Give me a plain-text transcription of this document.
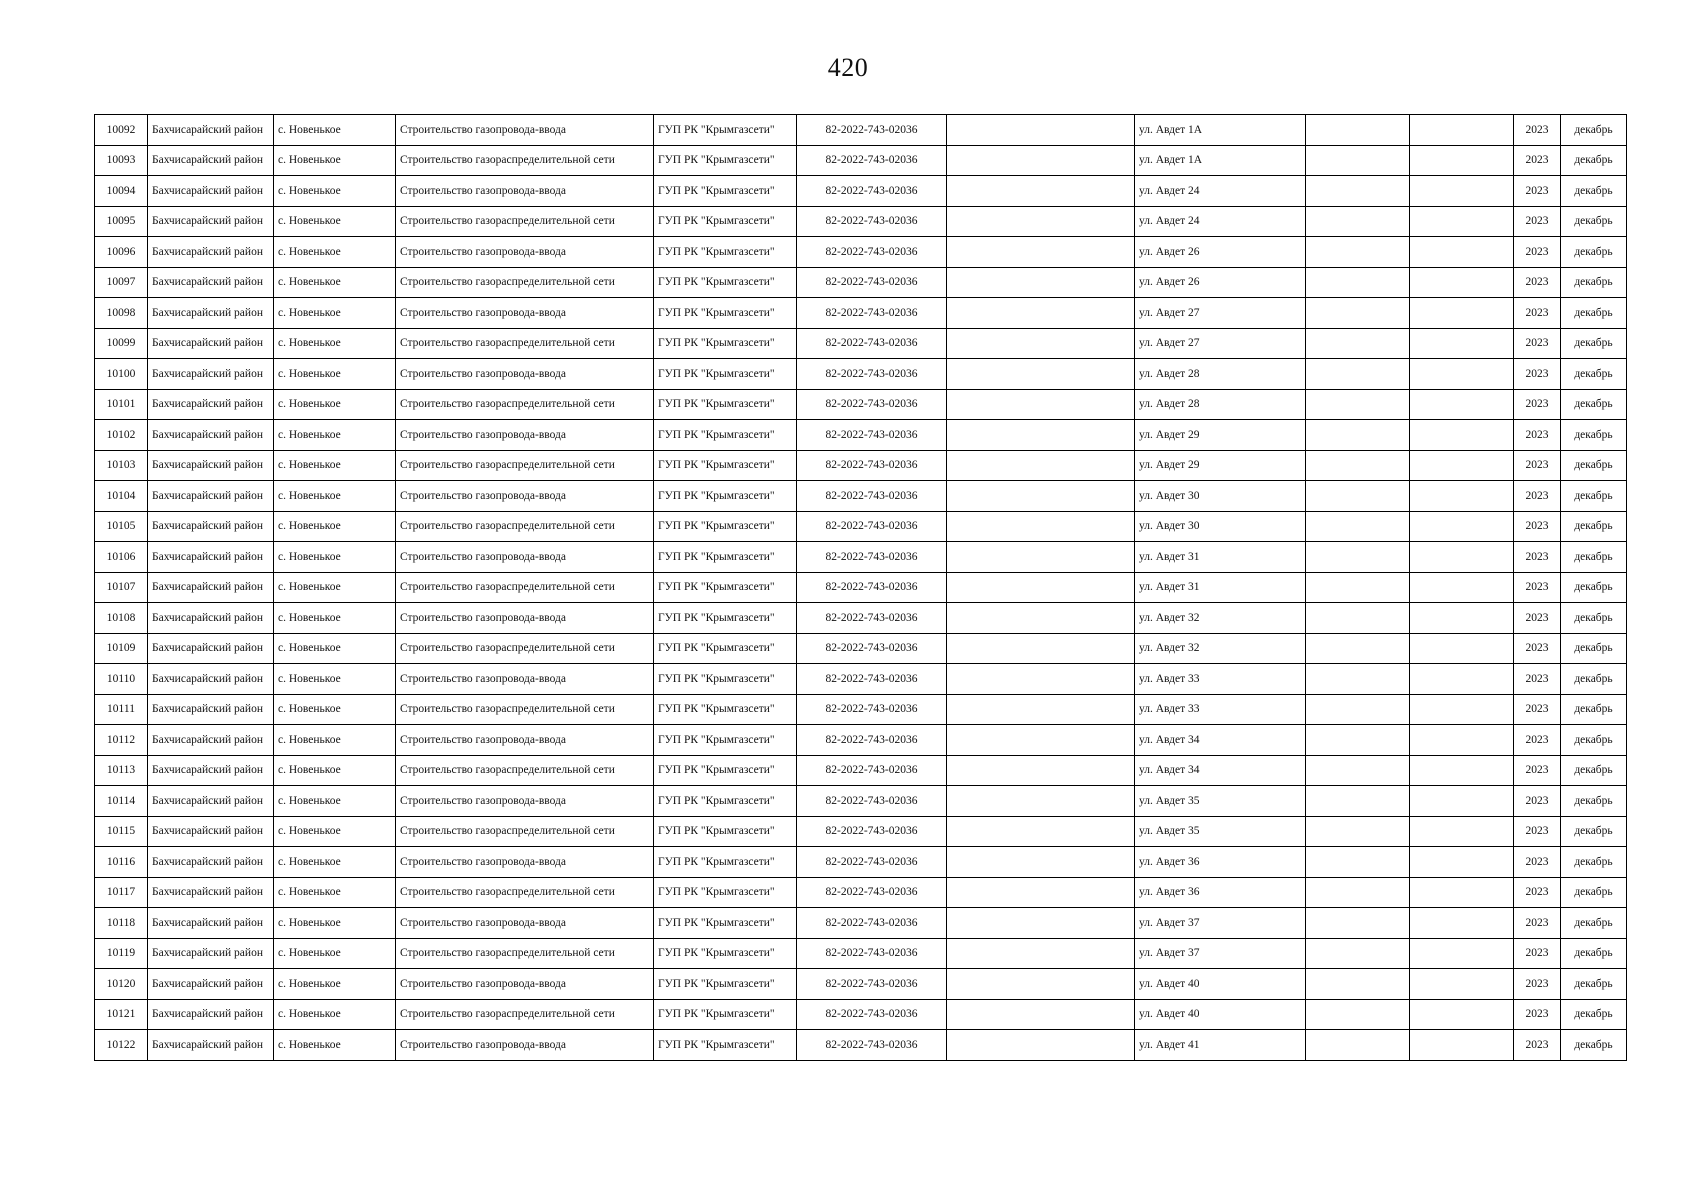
420
10092	Бахчисарайский район	с. Новенькое	Строительство газопровода-ввода	ГУП РК "Крымгазсети"	82-2022-743-02036		ул. Авдет 1А			2023	декабрь
10093	Бахчисарайский район	с. Новенькое	Строительство газораспределительной сети	ГУП РК "Крымгазсети"	82-2022-743-02036		ул. Авдет 1А			2023	декабрь
10094	Бахчисарайский район	с. Новенькое	Строительство газопровода-ввода	ГУП РК "Крымгазсети"	82-2022-743-02036		ул. Авдет 24			2023	декабрь
10095	Бахчисарайский район	с. Новенькое	Строительство газораспределительной сети	ГУП РК "Крымгазсети"	82-2022-743-02036		ул. Авдет 24			2023	декабрь
10096	Бахчисарайский район	с. Новенькое	Строительство газопровода-ввода	ГУП РК "Крымгазсети"	82-2022-743-02036		ул. Авдет 26			2023	декабрь
10097	Бахчисарайский район	с. Новенькое	Строительство газораспределительной сети	ГУП РК "Крымгазсети"	82-2022-743-02036		ул. Авдет 26			2023	декабрь
10098	Бахчисарайский район	с. Новенькое	Строительство газопровода-ввода	ГУП РК "Крымгазсети"	82-2022-743-02036		ул. Авдет 27			2023	декабрь
10099	Бахчисарайский район	с. Новенькое	Строительство газораспределительной сети	ГУП РК "Крымгазсети"	82-2022-743-02036		ул. Авдет 27			2023	декабрь
10100	Бахчисарайский район	с. Новенькое	Строительство газопровода-ввода	ГУП РК "Крымгазсети"	82-2022-743-02036		ул. Авдет 28			2023	декабрь
10101	Бахчисарайский район	с. Новенькое	Строительство газораспределительной сети	ГУП РК "Крымгазсети"	82-2022-743-02036		ул. Авдет 28			2023	декабрь
10102	Бахчисарайский район	с. Новенькое	Строительство газопровода-ввода	ГУП РК "Крымгазсети"	82-2022-743-02036		ул. Авдет 29			2023	декабрь
10103	Бахчисарайский район	с. Новенькое	Строительство газораспределительной сети	ГУП РК "Крымгазсети"	82-2022-743-02036		ул. Авдет 29			2023	декабрь
10104	Бахчисарайский район	с. Новенькое	Строительство газопровода-ввода	ГУП РК "Крымгазсети"	82-2022-743-02036		ул. Авдет 30			2023	декабрь
10105	Бахчисарайский район	с. Новенькое	Строительство газораспределительной сети	ГУП РК "Крымгазсети"	82-2022-743-02036		ул. Авдет 30			2023	декабрь
10106	Бахчисарайский район	с. Новенькое	Строительство газопровода-ввода	ГУП РК "Крымгазсети"	82-2022-743-02036		ул. Авдет 31			2023	декабрь
10107	Бахчисарайский район	с. Новенькое	Строительство газораспределительной сети	ГУП РК "Крымгазсети"	82-2022-743-02036		ул. Авдет 31			2023	декабрь
10108	Бахчисарайский район	с. Новенькое	Строительство газопровода-ввода	ГУП РК "Крымгазсети"	82-2022-743-02036		ул. Авдет 32			2023	декабрь
10109	Бахчисарайский район	с. Новенькое	Строительство газораспределительной сети	ГУП РК "Крымгазсети"	82-2022-743-02036		ул. Авдет 32			2023	декабрь
10110	Бахчисарайский район	с. Новенькое	Строительство газопровода-ввода	ГУП РК "Крымгазсети"	82-2022-743-02036		ул. Авдет 33			2023	декабрь
10111	Бахчисарайский район	с. Новенькое	Строительство газораспределительной сети	ГУП РК "Крымгазсети"	82-2022-743-02036		ул. Авдет 33			2023	декабрь
10112	Бахчисарайский район	с. Новенькое	Строительство газопровода-ввода	ГУП РК "Крымгазсети"	82-2022-743-02036		ул. Авдет 34			2023	декабрь
10113	Бахчисарайский район	с. Новенькое	Строительство газораспределительной сети	ГУП РК "Крымгазсети"	82-2022-743-02036		ул. Авдет 34			2023	декабрь
10114	Бахчисарайский район	с. Новенькое	Строительство газопровода-ввода	ГУП РК "Крымгазсети"	82-2022-743-02036		ул. Авдет 35			2023	декабрь
10115	Бахчисарайский район	с. Новенькое	Строительство газораспределительной сети	ГУП РК "Крымгазсети"	82-2022-743-02036		ул. Авдет 35			2023	декабрь
10116	Бахчисарайский район	с. Новенькое	Строительство газопровода-ввода	ГУП РК "Крымгазсети"	82-2022-743-02036		ул. Авдет 36			2023	декабрь
10117	Бахчисарайский район	с. Новенькое	Строительство газораспределительной сети	ГУП РК "Крымгазсети"	82-2022-743-02036		ул. Авдет 36			2023	декабрь
10118	Бахчисарайский район	с. Новенькое	Строительство газопровода-ввода	ГУП РК "Крымгазсети"	82-2022-743-02036		ул. Авдет 37			2023	декабрь
10119	Бахчисарайский район	с. Новенькое	Строительство газораспределительной сети	ГУП РК "Крымгазсети"	82-2022-743-02036		ул. Авдет 37			2023	декабрь
10120	Бахчисарайский район	с. Новенькое	Строительство газопровода-ввода	ГУП РК "Крымгазсети"	82-2022-743-02036		ул. Авдет 40			2023	декабрь
10121	Бахчисарайский район	с. Новенькое	Строительство газораспределительной сети	ГУП РК "Крымгазсети"	82-2022-743-02036		ул. Авдет 40			2023	декабрь
10122	Бахчисарайский район	с. Новенькое	Строительство газопровода-ввода	ГУП РК "Крымгазсети"	82-2022-743-02036		ул. Авдет 41			2023	декабрь
